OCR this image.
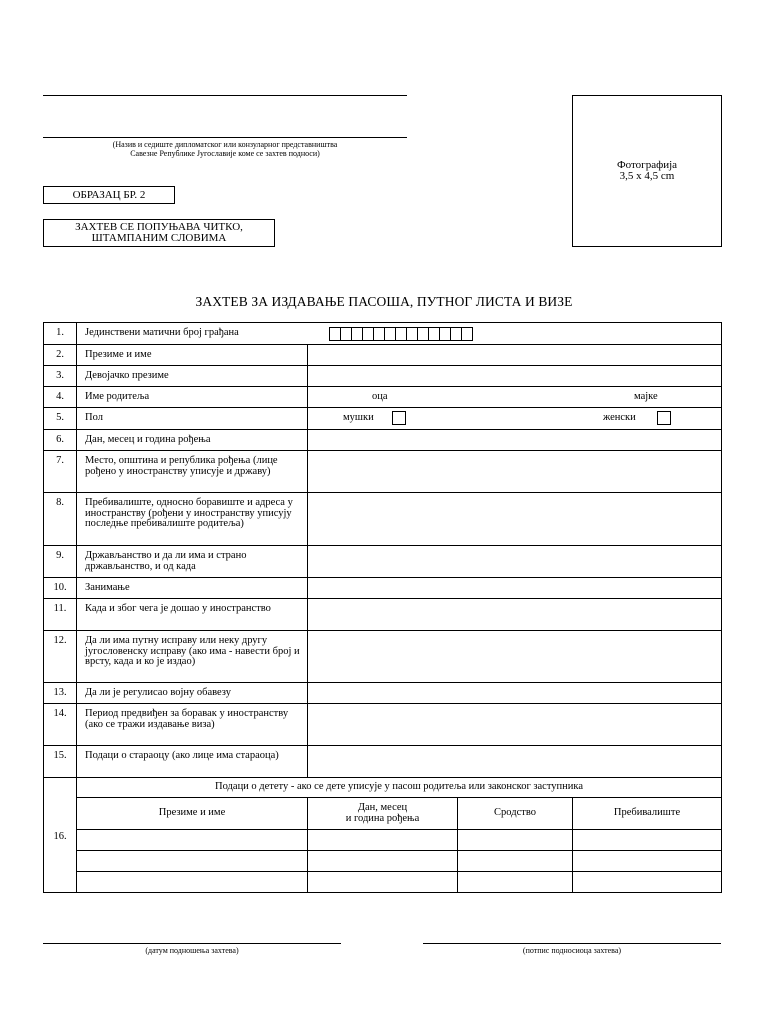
(Назив и седиште дипломатског или конзуларног представништва
Савезне Републике Југославије коме се захтев подноси)
ОБРАЗАЦ БР. 2
ЗАХТЕВ СЕ ПОПУЊАВА ЧИТКО,
ШТАМПАНИМ СЛОВИМА
Фотографија
3,5 x 4,5 cm
ЗАХТЕВ ЗА ИЗДАВАЊЕ ПАСОША, ПУТНОГ ЛИСТА И ВИЗЕ
1.	Јединствени матични број грађана			

2.	Презиме и име			
3.	Девојачко презиме			
4.	Име родитеља	оца мајке		

5.	Пол	мушки женски		

6.	Дан, месец и година рођења			
7.	Место, општина и република рођења (лице рођено у иностранству уписује и државу)			
8.	Пребивалиште, односно боравиште и адреса у иностранству (рођени у иностранству уписују последње пребивалиште родитеља)			
9.	Држављанство и да ли има и страно држављанство, и од када			
10.	Занимање			
11.	Када и због чега је дошао у иностранство			
12.	Да ли има путну исправу или неку другу југословенску исправу (ако има - навести број и врсту, када и ко је издао)			
13.	Да ли је регулисао војну обавезу			
14.	Период предвиђен за боравак у иностранству (ако се тражи издавање виза)			
15.	Подаци о стараоцу (ако лице има стараоца)			
16.	Подаци о детету - ако се дете уписује у пасош родитеља или законског заступника			
	Презиме и име	Дан, месец
и година рођења	Сродство	Пребивалиште

(датум подношења захтева)	(потпис подносиоца захтева)
